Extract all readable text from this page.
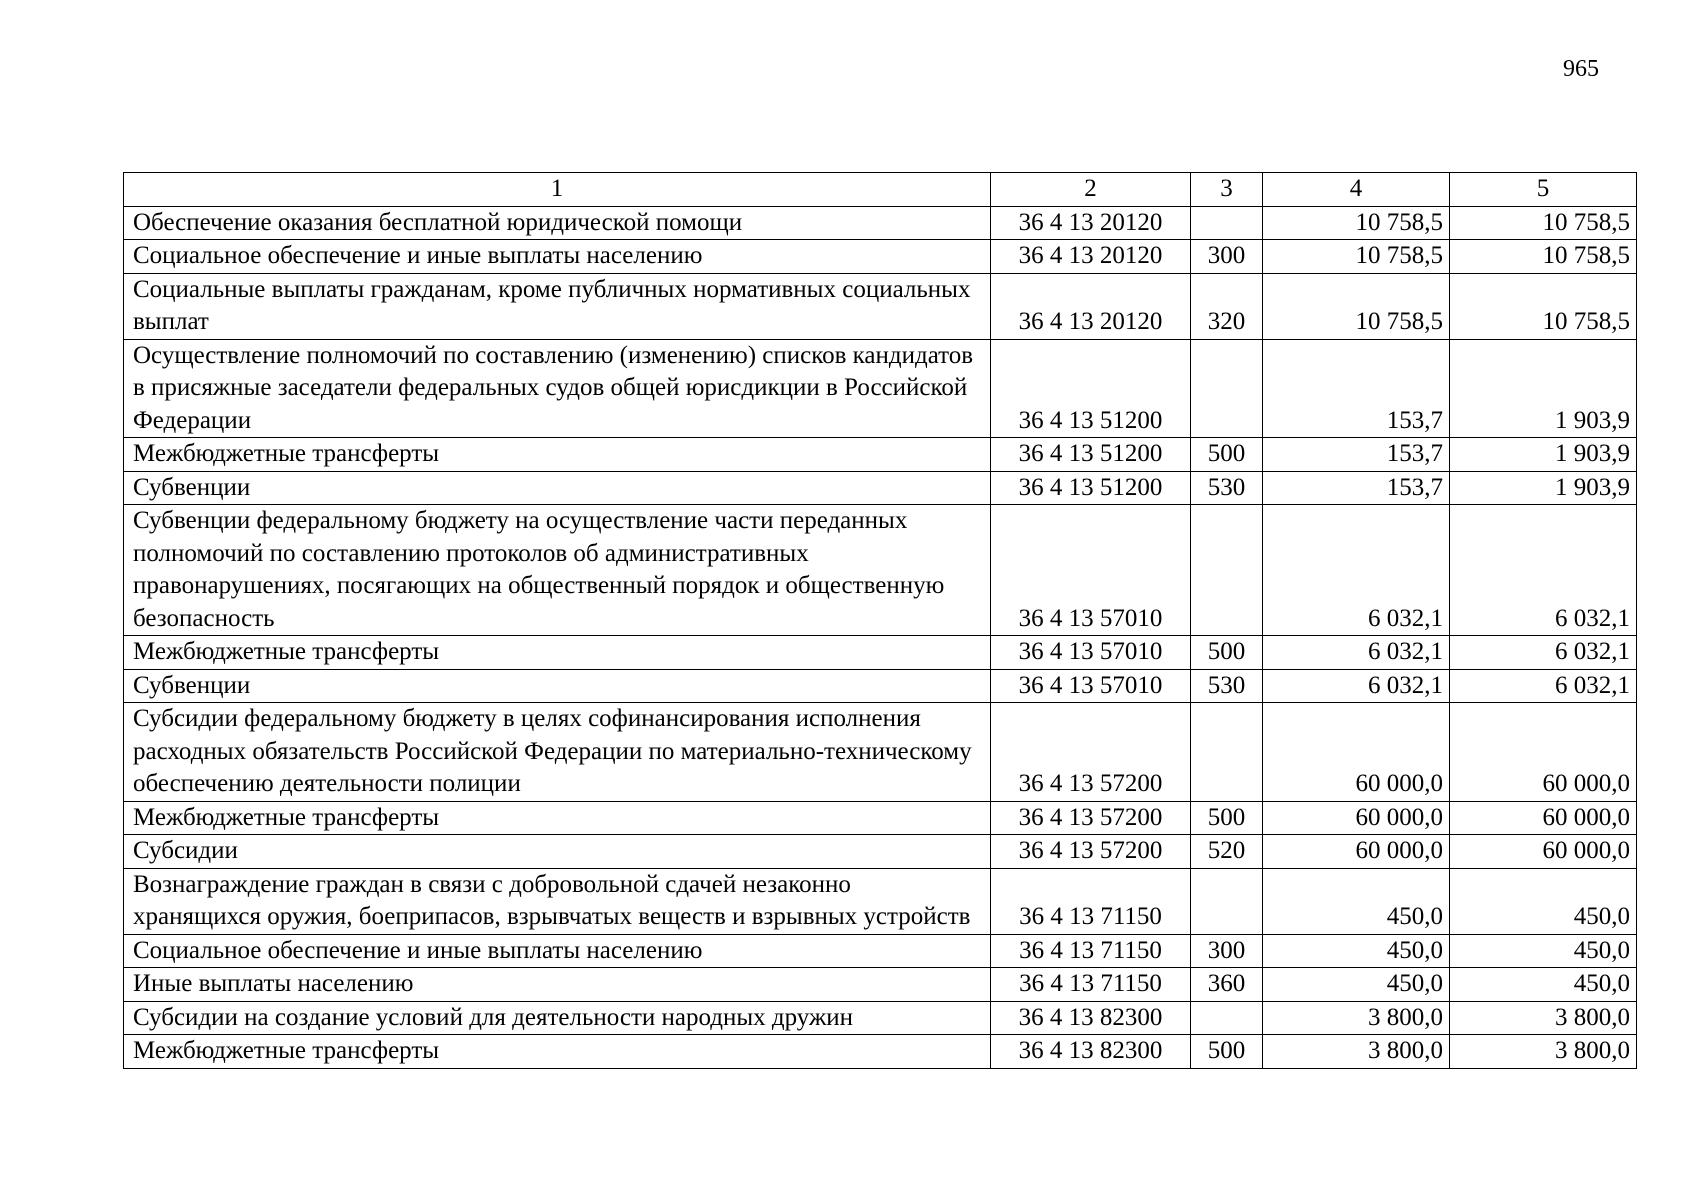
965
1	2	3	4	5
Обеспечение оказания бесплатной юридической помощи	36 4 13 20120		10 758,5	10 758,5
Социальное обеспечение и иные выплаты населению	36 4 13 20120	300	10 758,5	10 758,5
Социальные выплаты гражданам, кроме публичных нормативных социальных выплат	36 4 13 20120	320	10 758,5	10 758,5
Осуществление полномочий по составлению (изменению) списков кандидатов в присяжные заседатели федеральных судов общей юрисдикции в Российской Федерации	36 4 13 51200		153,7	1 903,9
Межбюджетные трансферты	36 4 13 51200	500	153,7	1 903,9
Субвенции	36 4 13 51200	530	153,7	1 903,9
Субвенции федеральному бюджету на осуществление части переданных полномочий по составлению протоколов об административных правонарушениях, посягающих на общественный порядок и общественную безопасность	36 4 13 57010		6 032,1	6 032,1
Межбюджетные трансферты	36 4 13 57010	500	6 032,1	6 032,1
Субвенции	36 4 13 57010	530	6 032,1	6 032,1
Субсидии федеральному бюджету в целях софинансирования исполнения расходных обязательств Российской Федерации по материально-техническому обеспечению деятельности полиции	36 4 13 57200		60 000,0	60 000,0
Межбюджетные трансферты	36 4 13 57200	500	60 000,0	60 000,0
Субсидии	36 4 13 57200	520	60 000,0	60 000,0
Вознаграждение граждан в связи с добровольной сдачей незаконно хранящихся оружия, боеприпасов, взрывчатых веществ и взрывных устройств	36 4 13 71150		450,0	450,0
Социальное обеспечение и иные выплаты населению	36 4 13 71150	300	450,0	450,0
Иные выплаты населению	36 4 13 71150	360	450,0	450,0
Субсидии на создание условий для деятельности народных дружин	36 4 13 82300		3 800,0	3 800,0
Межбюджетные трансферты	36 4 13 82300	500	3 800,0	3 800,0
